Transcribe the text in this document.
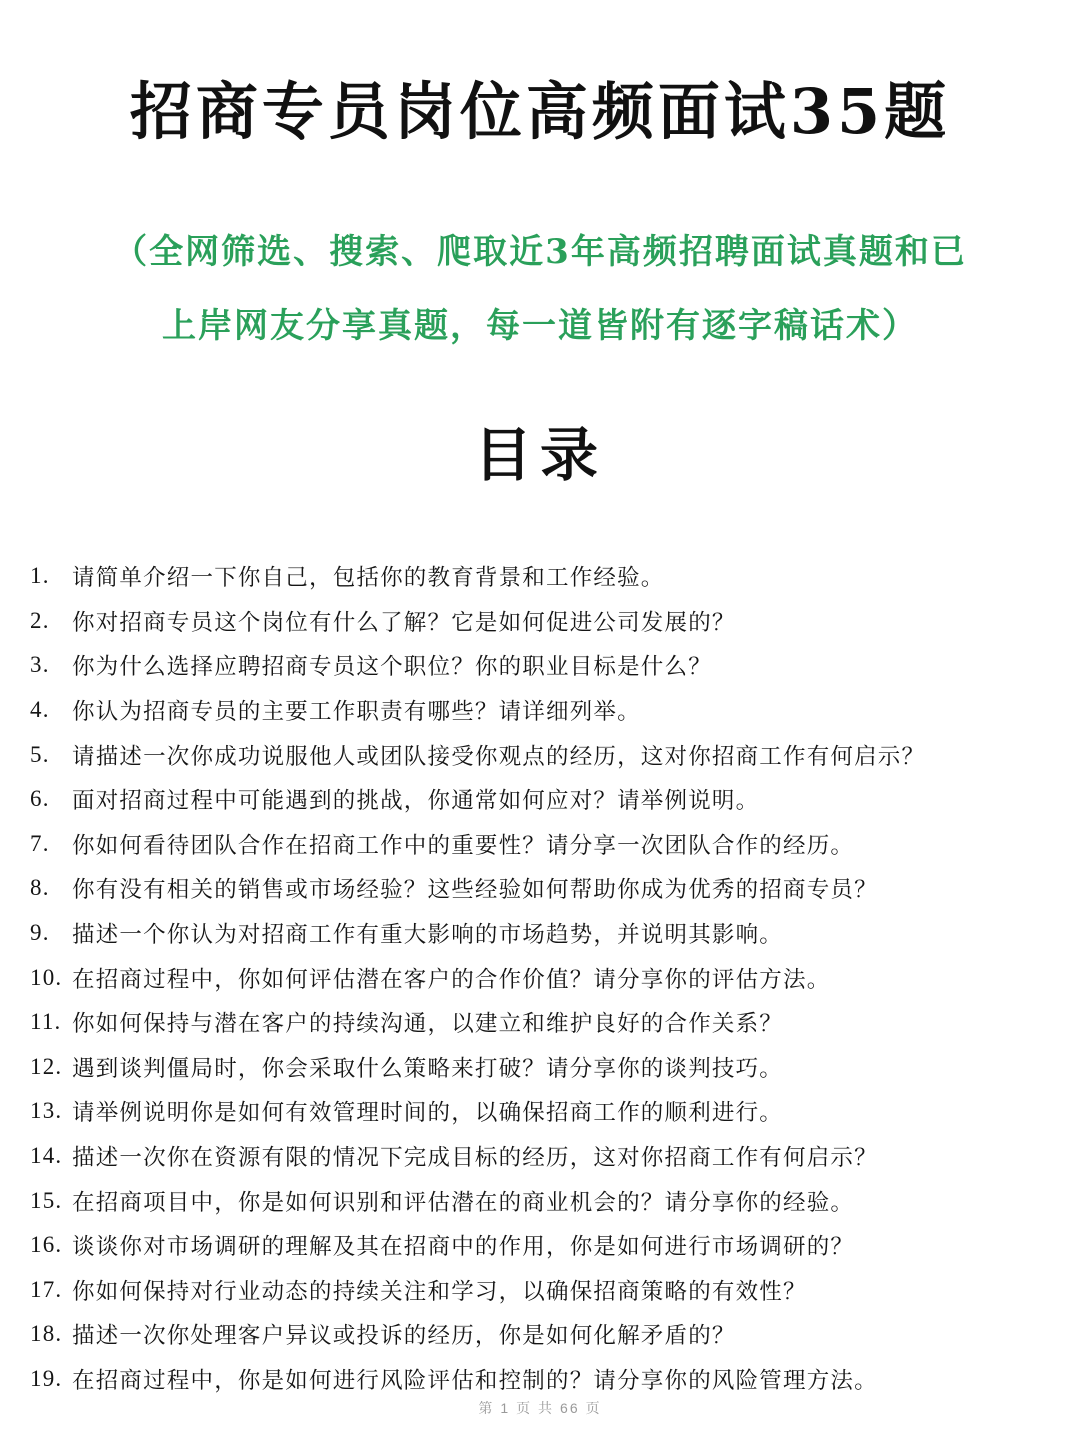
招商专员岗位高频面试35题
（全网筛选、搜索、爬取近3年高频招聘面试真题和已
上岸网友分享真题，每一道皆附有逐字稿话术）
目录
1. 请简单介绍一下你自己，包括你的教育背景和工作经验。
2. 你对招商专员这个岗位有什么了解？它是如何促进公司发展的？
3. 你为什么选择应聘招商专员这个职位？你的职业目标是什么？
4. 你认为招商专员的主要工作职责有哪些？请详细列举。
5. 请描述一次你成功说服他人或团队接受你观点的经历，这对你招商工作有何启示？
6. 面对招商过程中可能遇到的挑战，你通常如何应对？请举例说明。
7. 你如何看待团队合作在招商工作中的重要性？请分享一次团队合作的经历。
8. 你有没有相关的销售或市场经验？这些经验如何帮助你成为优秀的招商专员？
9. 描述一个你认为对招商工作有重大影响的市场趋势，并说明其影响。
10. 在招商过程中，你如何评估潜在客户的合作价值？请分享你的评估方法。
11. 你如何保持与潜在客户的持续沟通，以建立和维护良好的合作关系？
12. 遇到谈判僵局时，你会采取什么策略来打破？请分享你的谈判技巧。
13. 请举例说明你是如何有效管理时间的，以确保招商工作的顺利进行。
14. 描述一次你在资源有限的情况下完成目标的经历，这对你招商工作有何启示？
15. 在招商项目中，你是如何识别和评估潜在的商业机会的？请分享你的经验。
16. 谈谈你对市场调研的理解及其在招商中的作用，你是如何进行市场调研的？
17. 你如何保持对行业动态的持续关注和学习，以确保招商策略的有效性？
18. 描述一次你处理客户异议或投诉的经历，你是如何化解矛盾的？
19. 在招商过程中，你是如何进行风险评估和控制的？请分享你的风险管理方法。
第 1 页 共 66 页
